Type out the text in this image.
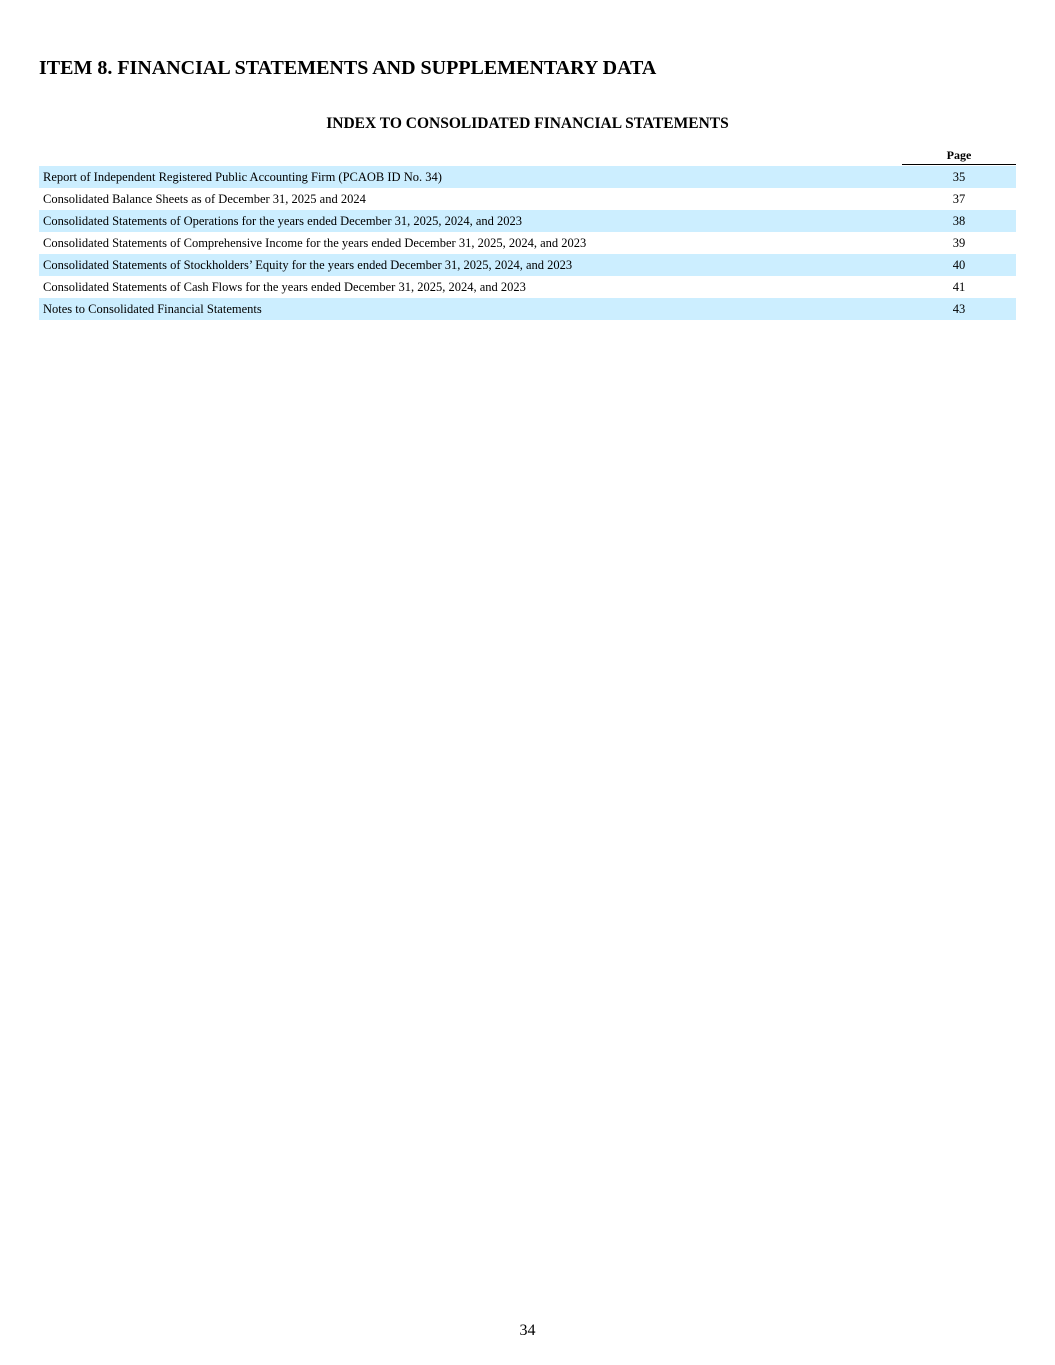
ITEM 8. FINANCIAL STATEMENTS AND SUPPLEMENTARY DATA
INDEX TO CONSOLIDATED FINANCIAL STATEMENTS
Page
Report of Independent Registered Public Accounting Firm (PCAOB ID No. 34)	35
Consolidated Balance Sheets as of December 31, 2025 and 2024	37
Consolidated Statements of Operations for the years ended December 31, 2025, 2024, and 2023	38
Consolidated Statements of Comprehensive Income for the years ended December 31, 2025, 2024, and 2023	39
Consolidated Statements of Stockholders’ Equity for the years ended December 31, 2025, 2024, and 2023	40
Consolidated Statements of Cash Flows for the years ended December 31, 2025, 2024, and 2023	41
Notes to Consolidated Financial Statements	43
34
